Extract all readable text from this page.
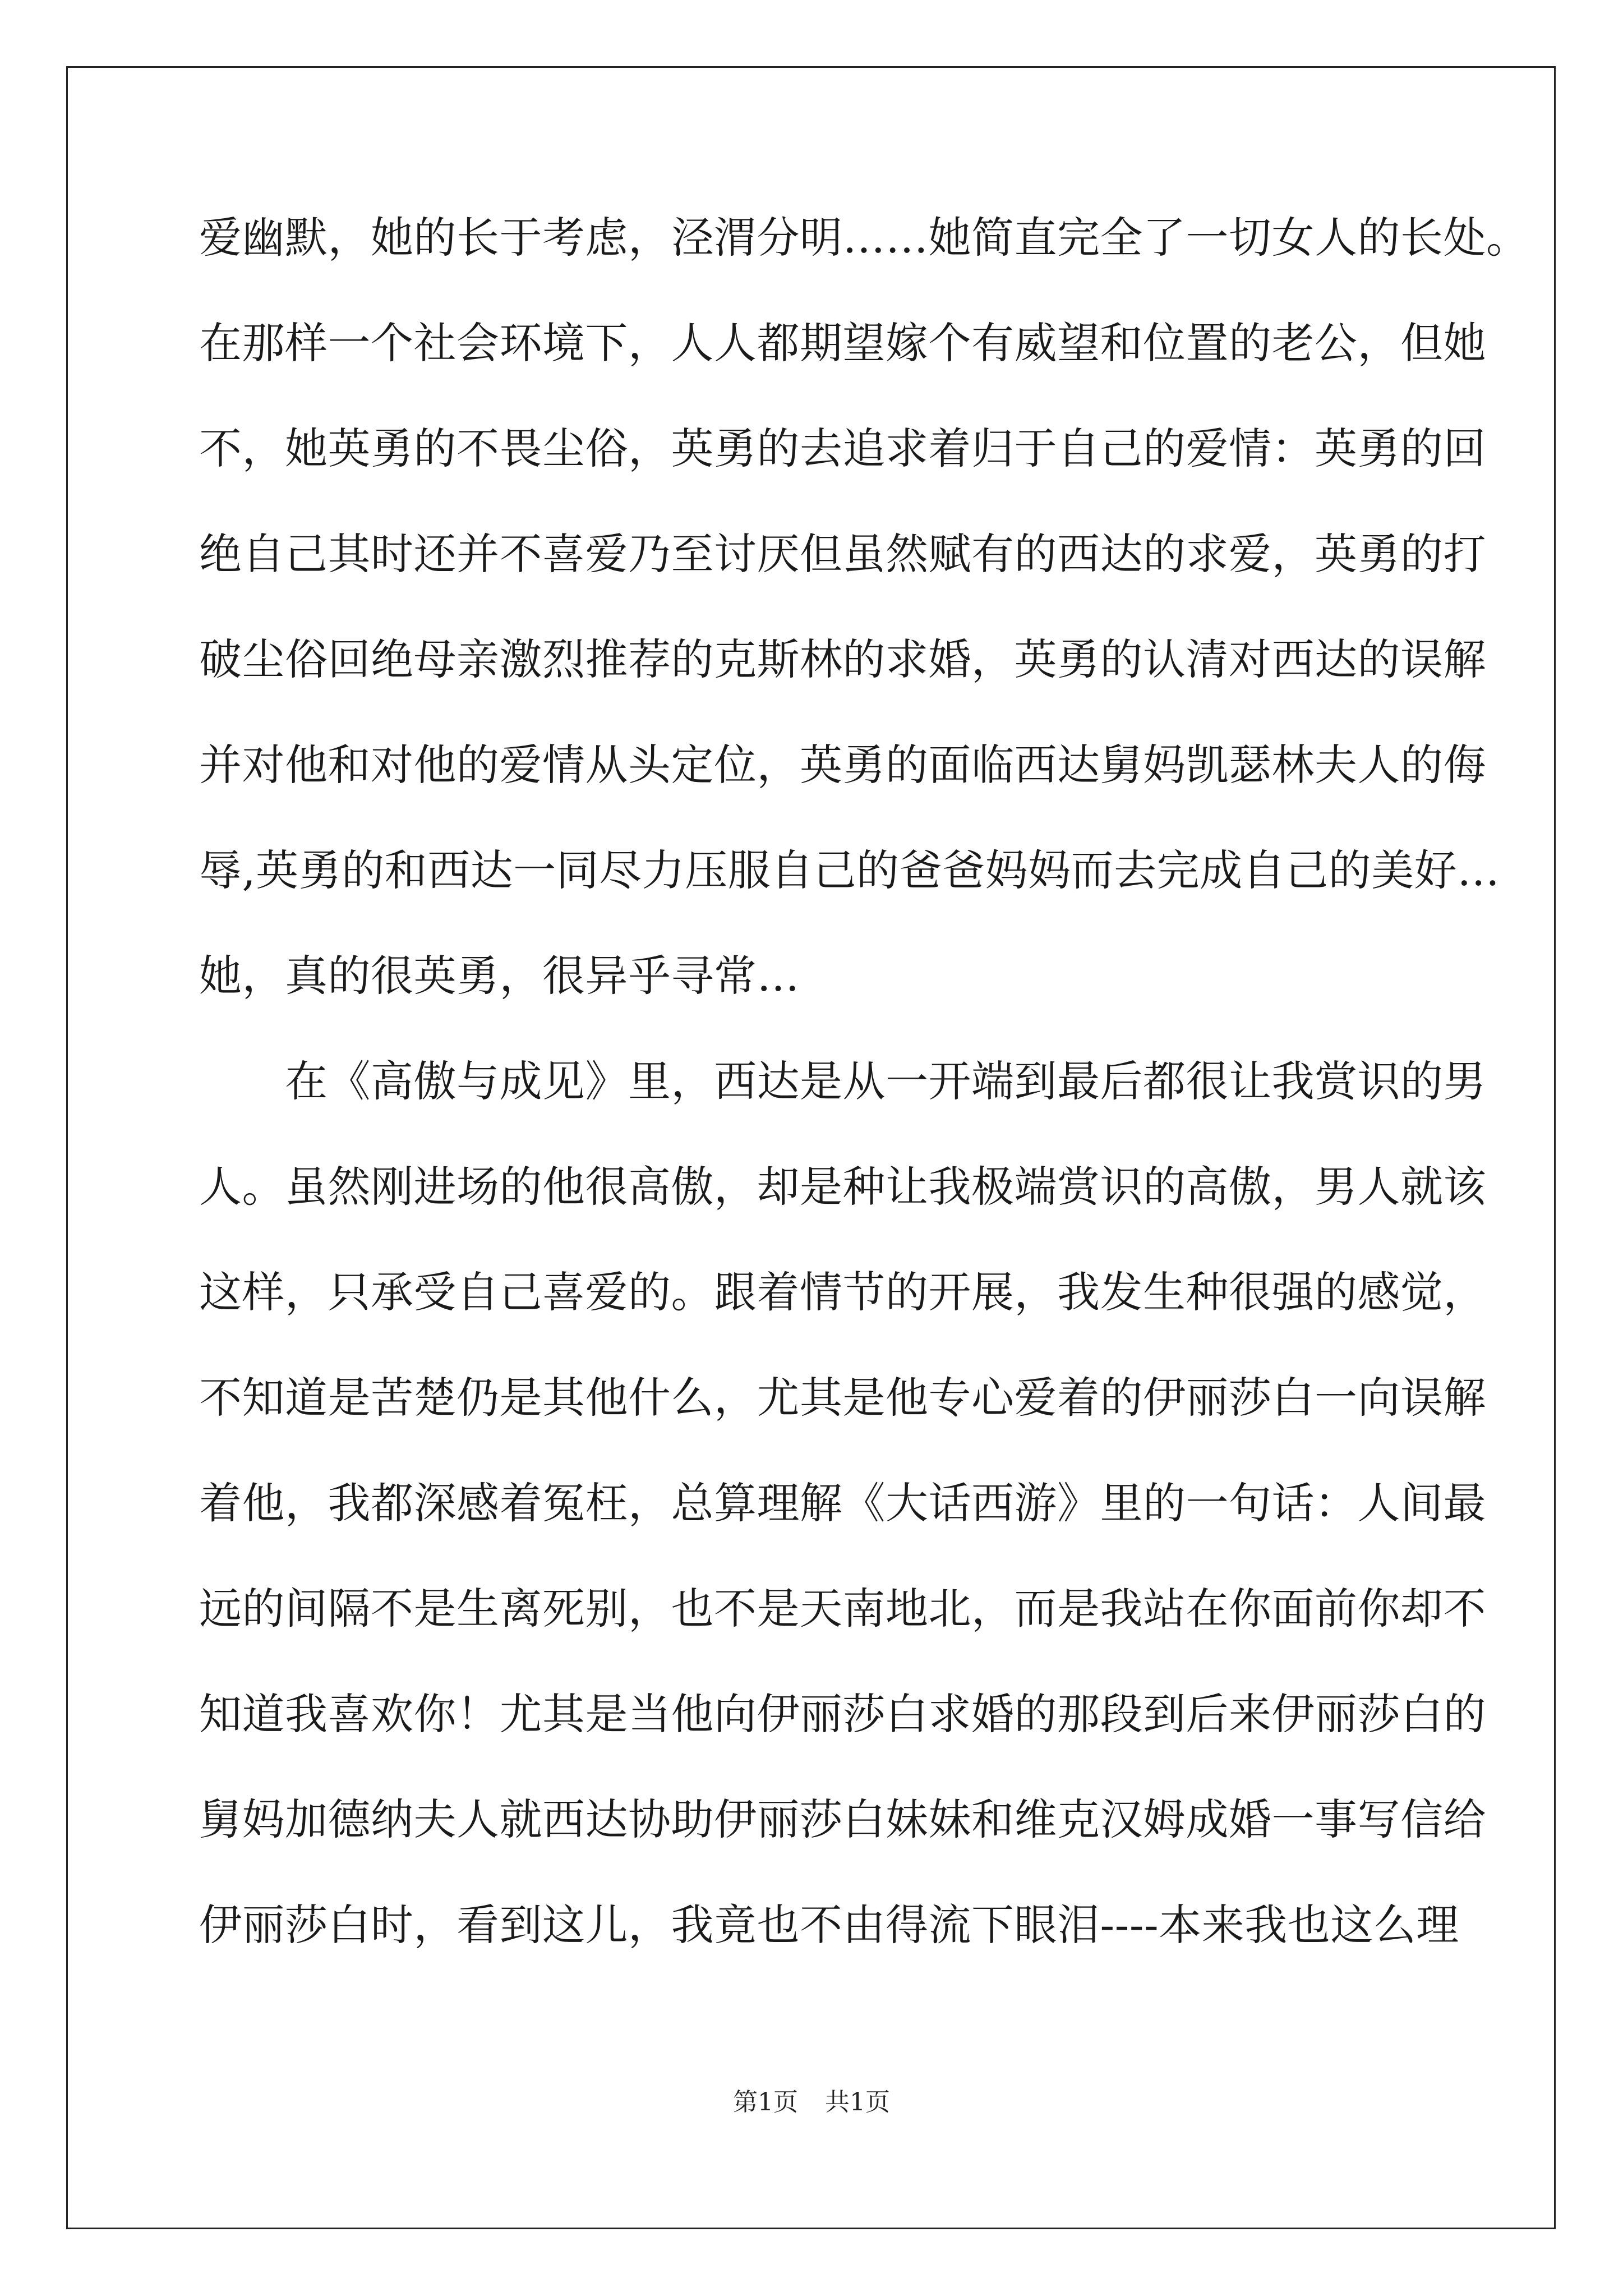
爱幽默，她的长于考虑，泾渭分明……她简直完全了一切女人的长处。
在那样一个社会环境下，人人都期望嫁个有威望和位置的老公，但她
不，她英勇的不畏尘俗，英勇的去追求着归于自己的爱情：英勇的回
绝自己其时还并不喜爱乃至讨厌但虽然赋有的西达的求爱，英勇的打
破尘俗回绝母亲激烈推荐的克斯林的求婚，英勇的认清对西达的误解
并对他和对他的爱情从头定位，英勇的面临西达舅妈凯瑟林夫人的侮
辱,英勇的和西达一同尽力压服自己的爸爸妈妈而去完成自己的美好…
她，真的很英勇，很异乎寻常…
　　在《高傲与成见》里，西达是从一开端到最后都很让我赏识的男
人。虽然刚进场的他很高傲，却是种让我极端赏识的高傲，男人就该
这样，只承受自己喜爱的。跟着情节的开展，我发生种很强的感觉，
不知道是苦楚仍是其他什么，尤其是他专心爱着的伊丽莎白一向误解
着他，我都深感着冤枉，总算理解《大话西游》里的一句话：人间最
远的间隔不是生离死别，也不是天南地北，而是我站在你面前你却不
知道我喜欢你！尤其是当他向伊丽莎白求婚的那段到后来伊丽莎白的
舅妈加德纳夫人就西达协助伊丽莎白妹妹和维克汉姆成婚一事写信给
伊丽莎白时，看到这儿，我竟也不由得流下眼泪----本来我也这么理
第1页 共1页
